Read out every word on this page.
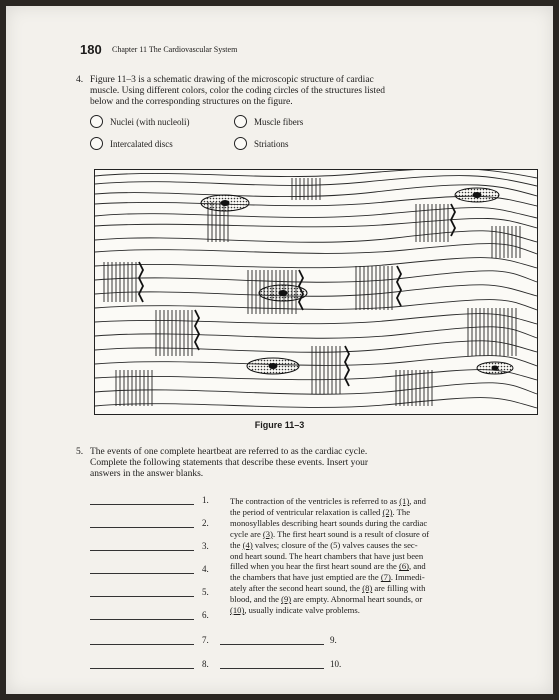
180 Chapter 11 The Cardiovascular System
4. Figure 11–3 is a schematic drawing of the microscopic structure of cardiac
muscle. Using different colors, color the coding circles of the structures listed
below and the corresponding structures on the figure.
Nuclei (with nucleoli)	Muscle fibers
Intercalated discs	Striations
Figure 11–3
5. The events of one complete heartbeat are referred to as the cardiac cycle.
Complete the following statements that describe these events. Insert your
answers in the answer blanks.
1.
2.
3.
4.
5.
6.
7.
8.
9.
10.
The contraction of the ventricles is referred to as (1), and
the period of ventricular relaxation is called (2). The
monosyllables describing heart sounds during the cardiac
cycle are (3). The first heart sound is a result of closure of
the (4) valves; closure of the (5) valves causes the sec-
ond heart sound. The heart chambers that have just been
filled when you hear the first heart sound are the (6), and
the chambers that have just emptied are the (7). Immedi-
ately after the second heart sound, the (8) are filling with
blood, and the (9) are empty. Abnormal heart sounds, or
(10), usually indicate valve problems.
